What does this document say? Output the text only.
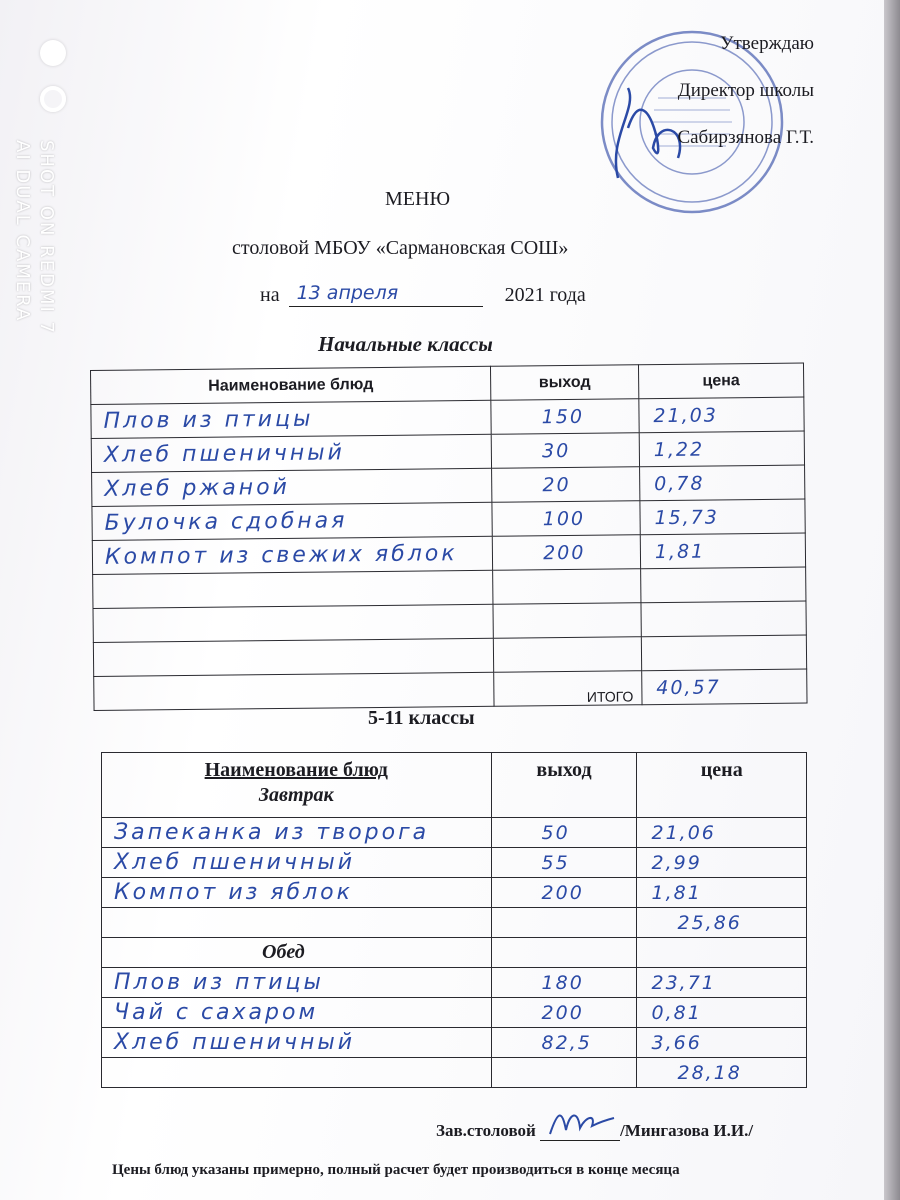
SHOT ON REDMI 7
AI DUAL CAMERA
Утверждаю
Директор школы
Сабирзянова Г.Т.
МЕНЮ
столовой МБОУ «Сармановская СОШ»
на 13 апреля	2021 года
Начальные классы
Наименование блюд	выход	цена
Плов из птицы	150	21,03
Хлеб пшеничный	30	1,22
Хлеб ржаной	20	0,78
Булочка сдобная	100	15,73
Компот из свежих яблок	200	1,81

	ИТОГО	40,57
5-11 классы
Наименование блюд
Завтрак	выход	цена
Запеканка из творога	50	21,06
Хлеб пшеничный	55	2,99
Компот из яблок	200	1,81
		25,86
Обед		
Плов из птицы	180	23,71
Чай с сахаром	200	0,81
Хлеб пшеничный	82,5	3,66
		28,18
Зав.столовой	/Мингазова И.И./
Цены блюд указаны примерно, полный расчет будет производиться в конце месяца
